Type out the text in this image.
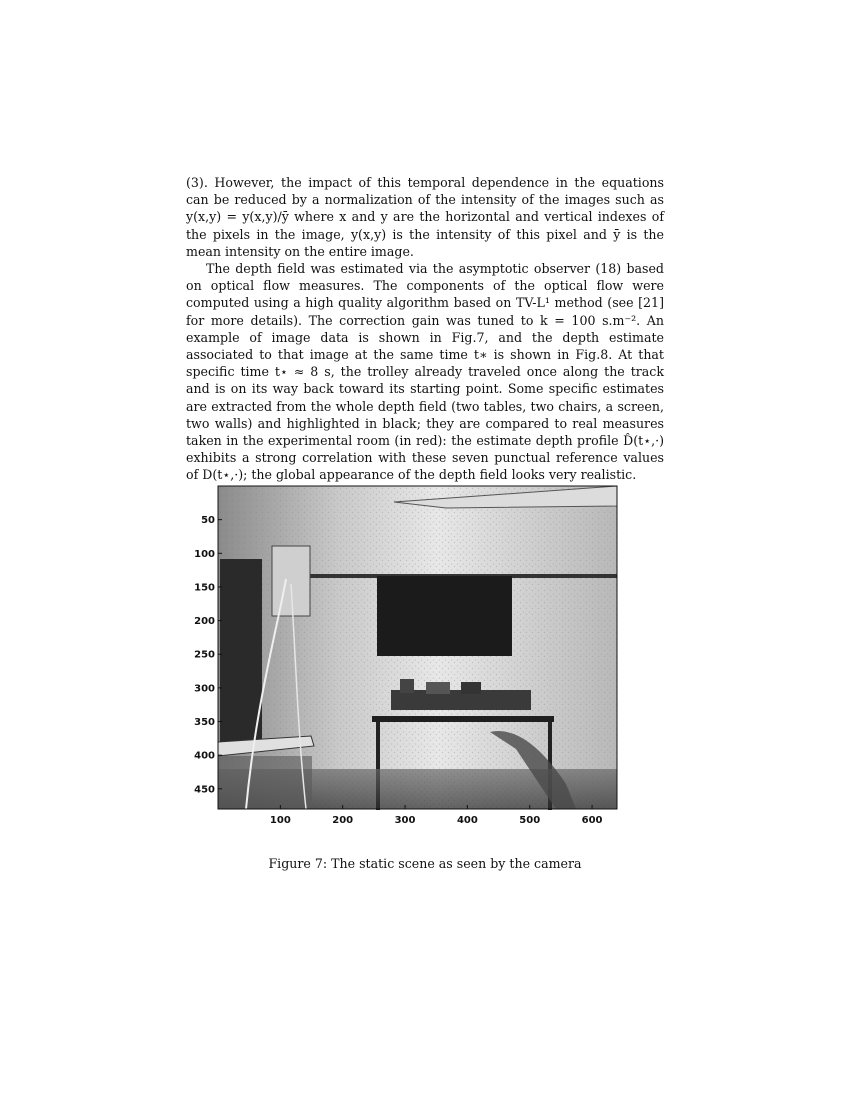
(3). However, the impact of this temporal dependence in the equations can be reduced by a normalization of the intensity of the images such as y(x,y) = y(x,y)/ȳ where x and y are the horizontal and vertical indexes of the pixels in the image, y(x,y) is the intensity of this pixel and ȳ is the mean intensity on the entire image.

The depth field was estimated via the asymptotic observer (18) based on optical flow measures. The components of the optical flow were computed using a high quality algorithm based on TV-L¹ method (see [21] for more details). The correction gain was tuned to k = 100 s.m⁻². An example of image data is shown in Fig.7, and the depth estimate associated to that image at the same time t∗ is shown in Fig.8. At that specific time t⋆ ≈ 8 s, the trolley already traveled once along the track and is on its way back toward its starting point. Some specific estimates are extracted from the whole depth field (two tables, two chairs, a screen, two walls) and highlighted in black; they are compared to real measures taken in the experimental room (in red): the estimate depth profile D̂(t⋆,·) exhibits a strong correlation with these seven punctual reference values of D(t⋆,·); the global appearance of the depth field looks very realistic.

50
100
150
200
250
300
350
400
450
100	200	300	400	500	600
Figure 7: The static scene as seen by the camera
